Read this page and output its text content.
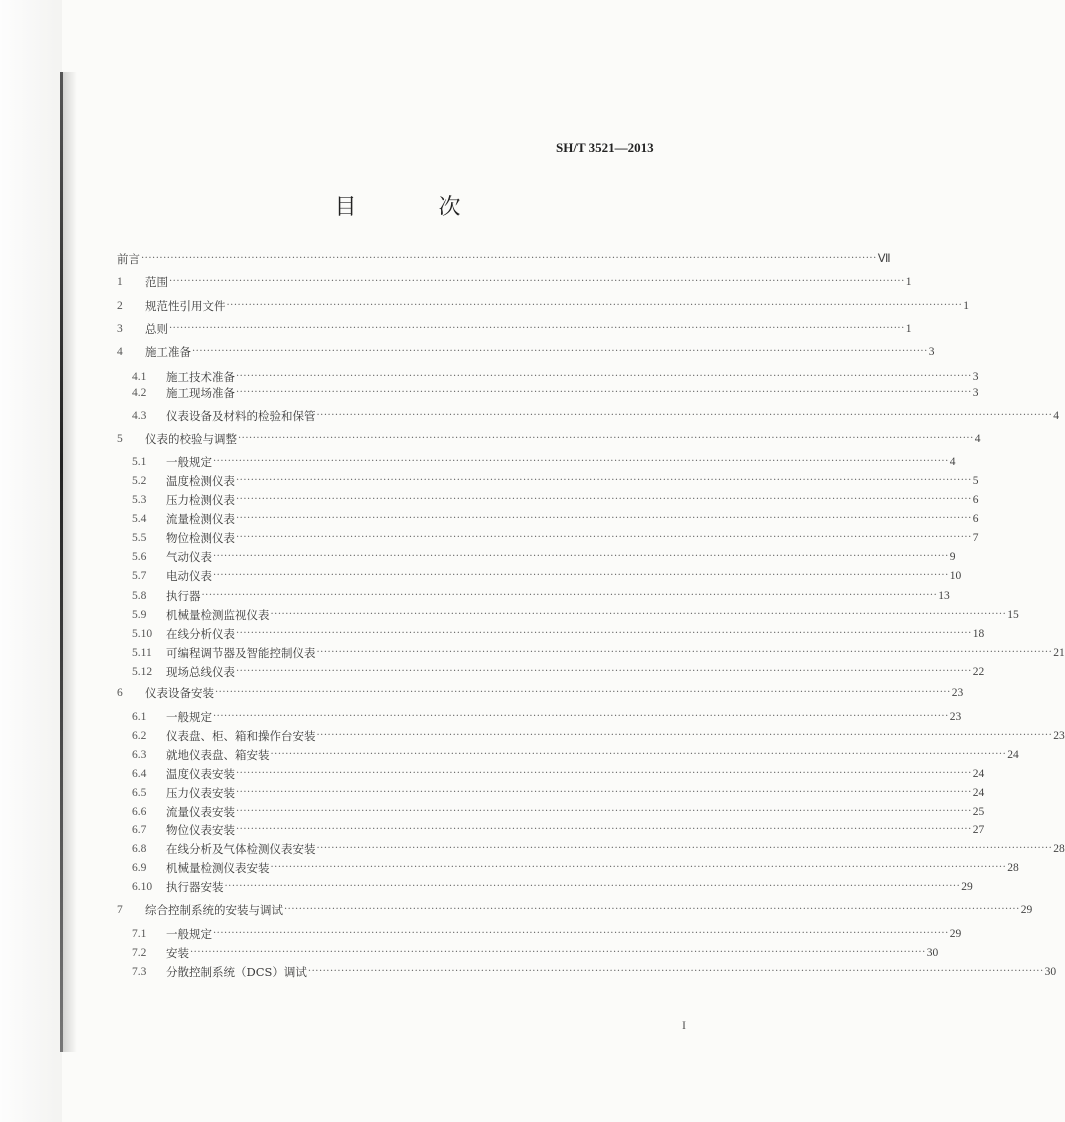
SH/T 3521—2013
目　次
前言 ········································································································································································································ Ⅶ
1	范围 ········································································································································································································ 1
2	规范性引用文件 ········································································································································································································ 1
3	总则 ········································································································································································································ 1
4	施工准备 ········································································································································································································ 3
4.1	施工技术准备 ········································································································································································································ 3
4.2	施工现场准备 ········································································································································································································ 3
4.3	仪表设备及材料的检验和保管 ········································································································································································································ 4
5	仪表的校验与调整 ········································································································································································································ 4
5.1	一般规定 ········································································································································································································ 4
5.2	温度检测仪表 ········································································································································································································ 5
5.3	压力检测仪表 ········································································································································································································ 6
5.4	流量检测仪表 ········································································································································································································ 6
5.5	物位检测仪表 ········································································································································································································ 7
5.6	气动仪表 ········································································································································································································ 9
5.7	电动仪表 ········································································································································································································ 10
5.8	执行器 ········································································································································································································ 13
5.9	机械量检测监视仪表 ········································································································································································································ 15
5.10	在线分析仪表 ········································································································································································································ 18
5.11	可编程调节器及智能控制仪表 ········································································································································································································ 21
5.12	现场总线仪表 ········································································································································································································ 22
6	仪表设备安装 ········································································································································································································ 23
6.1	一般规定 ········································································································································································································ 23
6.2	仪表盘、柜、箱和操作台安装 ········································································································································································································ 23
6.3	就地仪表盘、箱安装 ········································································································································································································ 24
6.4	温度仪表安装 ········································································································································································································ 24
6.5	压力仪表安装 ········································································································································································································ 24
6.6	流量仪表安装 ········································································································································································································ 25
6.7	物位仪表安装 ········································································································································································································ 27
6.8	在线分析及气体检测仪表安装 ········································································································································································································ 28
6.9	机械量检测仪表安装 ········································································································································································································ 28
6.10	执行器安装 ········································································································································································································ 29
7	综合控制系统的安装与调试 ········································································································································································································ 29
7.1	一般规定 ········································································································································································································ 29
7.2	安装 ········································································································································································································ 30
7.3	分散控制系统（DCS）调试 ········································································································································································································ 30
I
